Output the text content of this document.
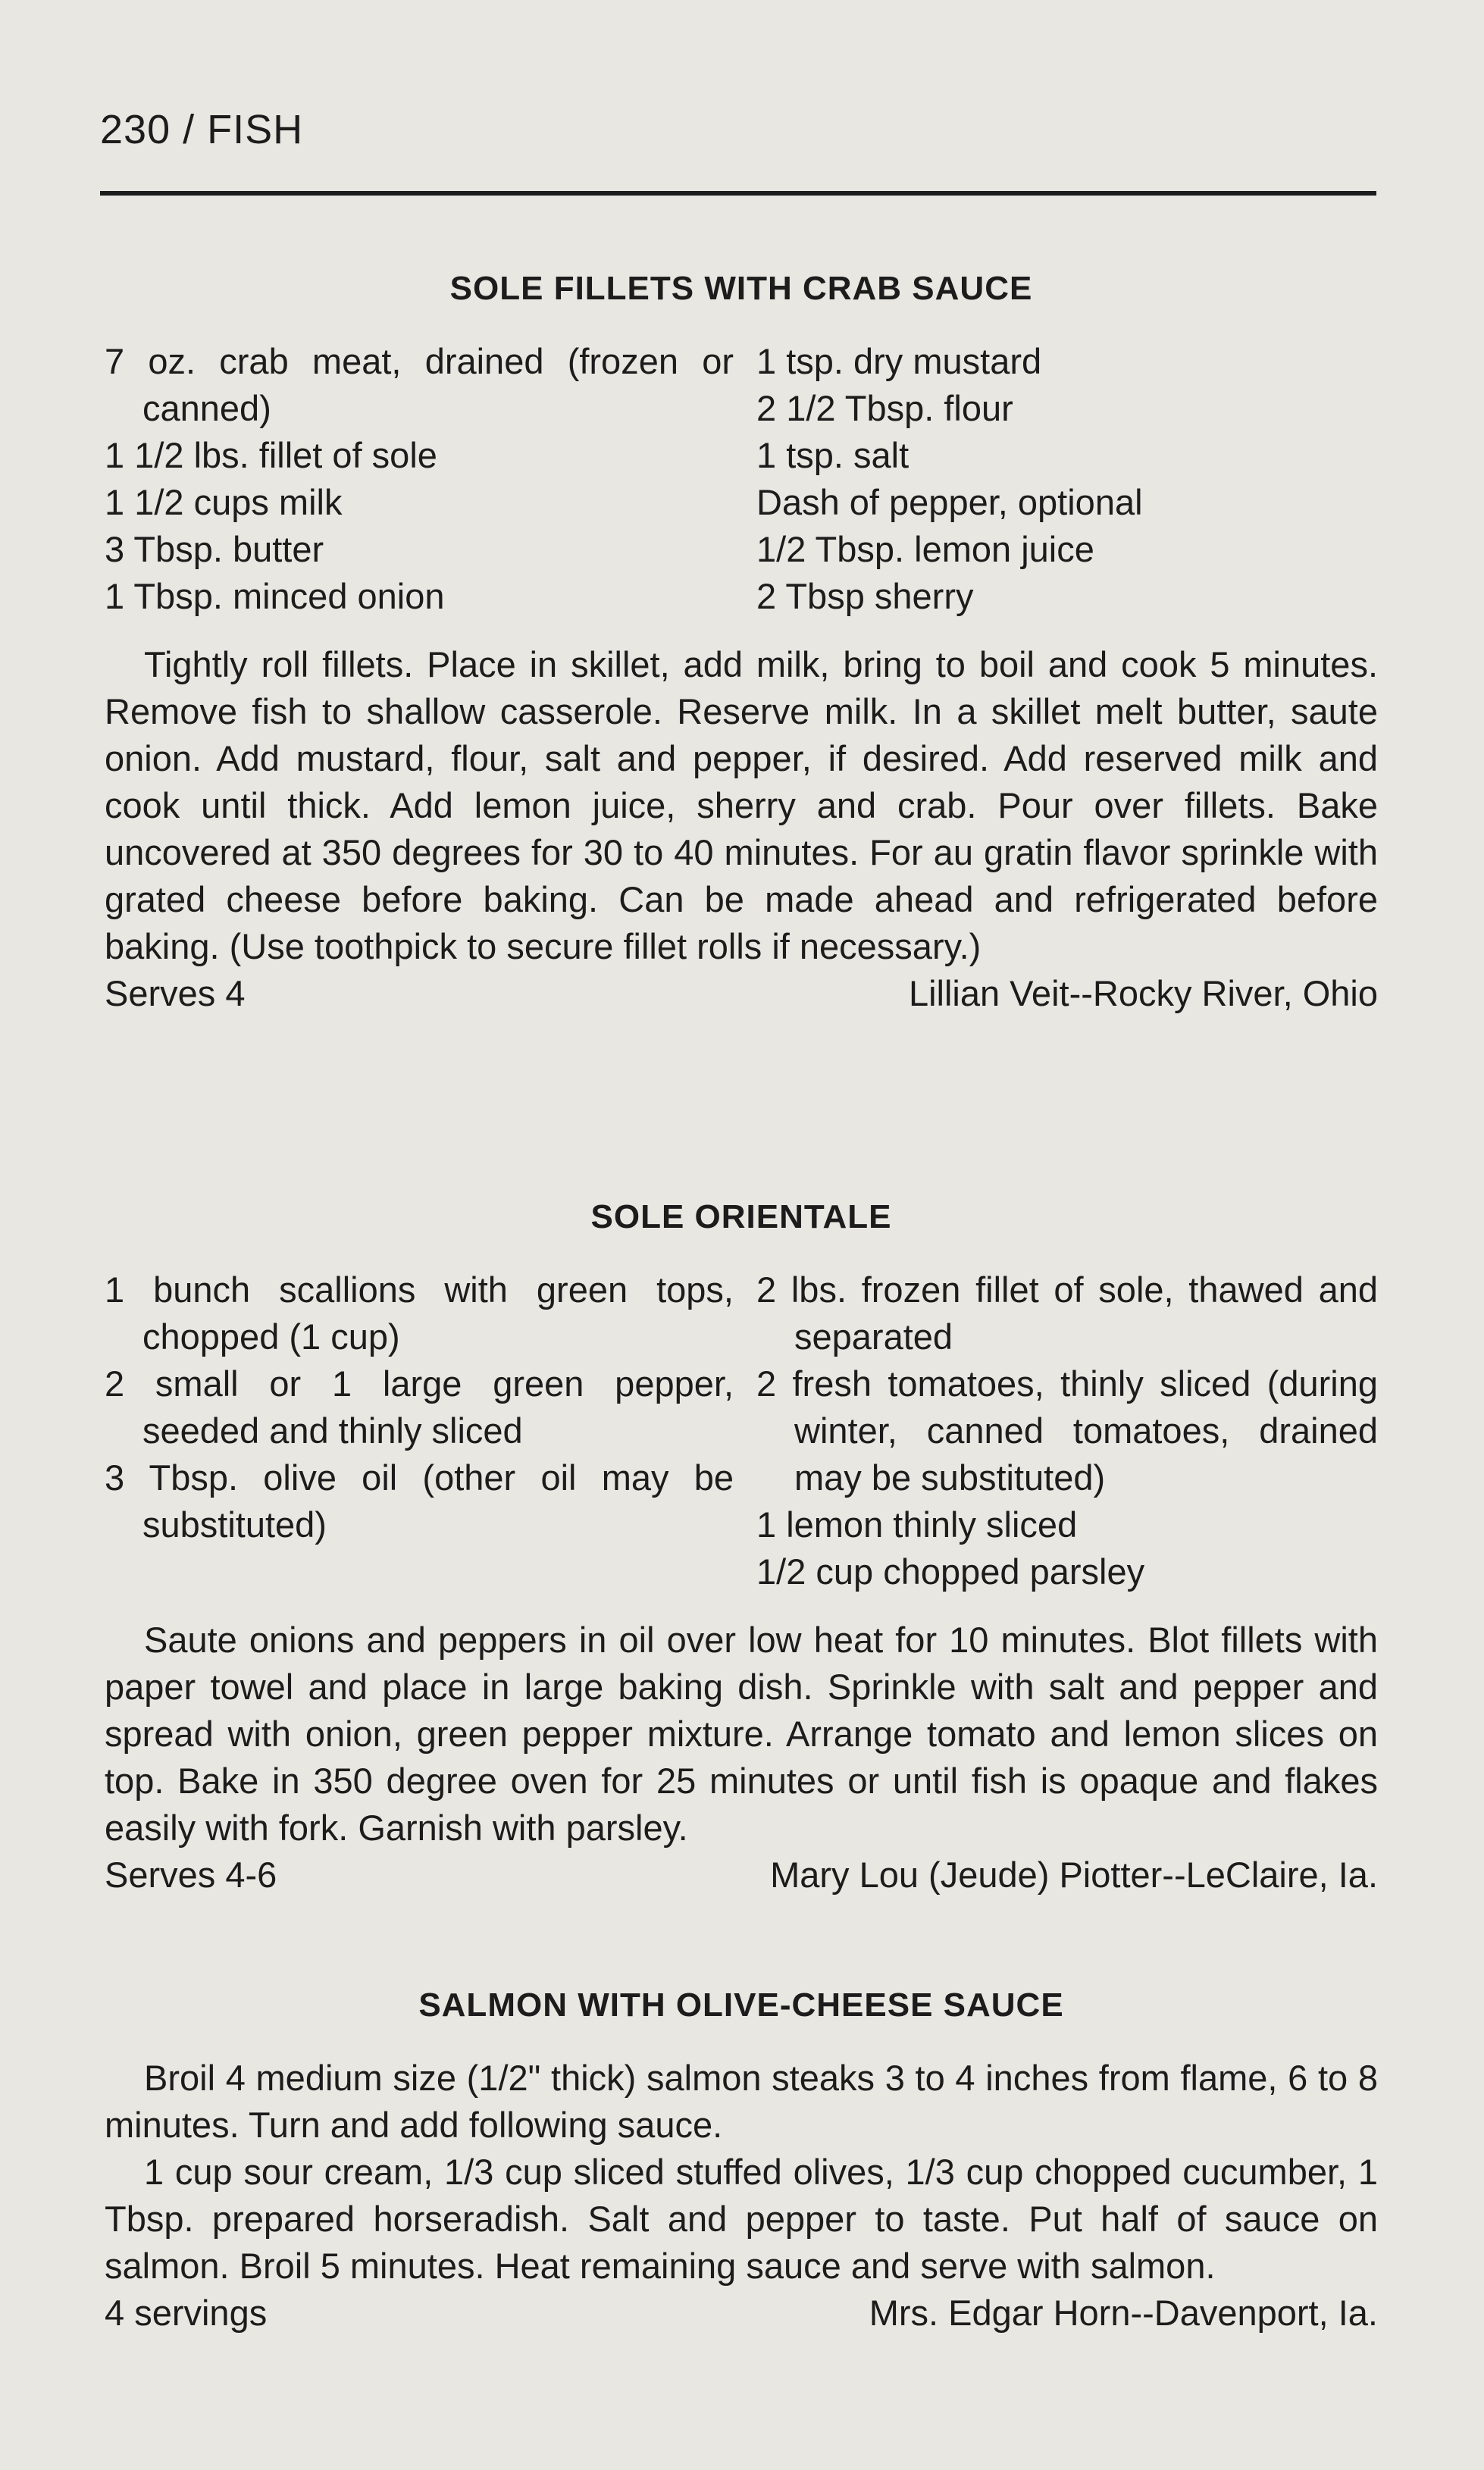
230 / FISH
SOLE FILLETS WITH CRAB SAUCE
7 oz. crab meat, drained (frozen or canned)
1 1/2 lbs. fillet of sole
1 1/2 cups milk
3 Tbsp. butter
1 Tbsp. minced onion
1 tsp. dry mustard
2 1/2 Tbsp. flour
1 tsp. salt
Dash of pepper, optional
1/2 Tbsp. lemon juice
2 Tbsp sherry

Tightly roll fillets. Place in skillet, add milk, bring to boil and cook 5 minutes. Remove fish to shallow casserole. Reserve milk. In a skillet melt butter, saute onion. Add mustard, flour, salt and pepper, if desired. Add reserved milk and cook until thick. Add lemon juice, sherry and crab. Pour over fillets. Bake uncovered at 350 degrees for 30 to 40 minutes. For au gratin flavor sprinkle with grated cheese before baking. Can be made ahead and refrigerated before baking. (Use toothpick to secure fillet rolls if necessary.)

Serves 4	Lillian Veit--Rocky River, Ohio
SOLE ORIENTALE
1 bunch scallions with green tops, chopped (1 cup)
2 small or 1 large green pepper, seeded and thinly sliced
3 Tbsp. olive oil (other oil may be substituted)
2 lbs. frozen fillet of sole, thawed and separated
2 fresh tomatoes, thinly sliced (during winter, canned tomatoes, drained may be substituted)
1 lemon thinly sliced
1/2 cup chopped parsley

Saute onions and peppers in oil over low heat for 10 minutes. Blot fillets with paper towel and place in large baking dish. Sprinkle with salt and pepper and spread with onion, green pepper mixture. Arrange tomato and lemon slices on top. Bake in 350 degree oven for 25 minutes or until fish is opaque and flakes easily with fork. Garnish with parsley.

Serves 4-6	Mary Lou (Jeude) Piotter--LeClaire, Ia.
SALMON WITH OLIVE-CHEESE SAUCE

Broil 4 medium size (1/2" thick) salmon steaks 3 to 4 inches from flame, 6 to 8 minutes. Turn and add following sauce.

1 cup sour cream, 1/3 cup sliced stuffed olives, 1/3 cup chopped cucumber, 1 Tbsp. prepared horseradish. Salt and pepper to taste. Put half of sauce on salmon. Broil 5 minutes. Heat remaining sauce and serve with salmon.

4 servings	Mrs. Edgar Horn--Davenport, Ia.
